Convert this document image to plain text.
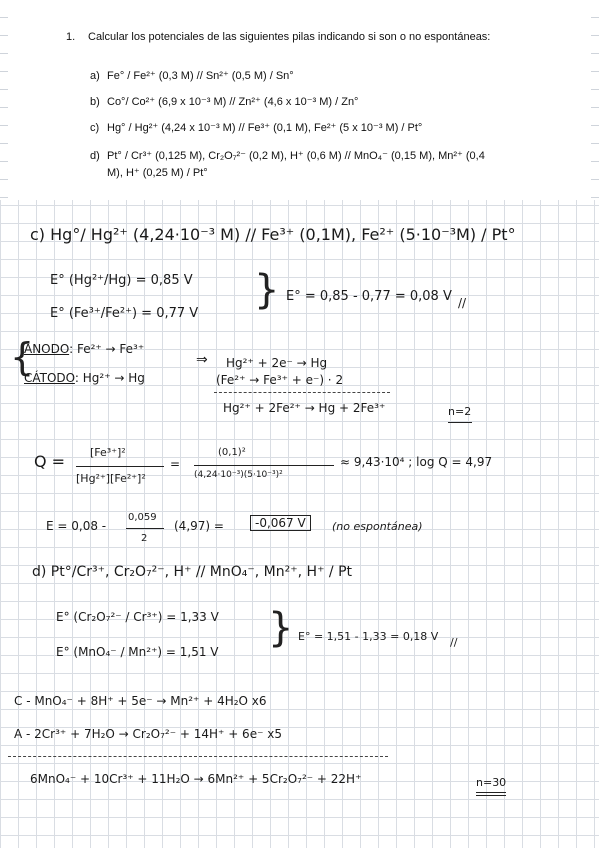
1. Calcular los potenciales de las siguientes pilas indicando si son o no espontáneas:
a) Fe° / Fe²⁺ (0,3 M) // Sn²⁺ (0,5 M) / Sn°
b) Co°/ Co²⁺ (6,9 x 10⁻³ M) // Zn²⁺ (4,6 x 10⁻³ M) / Zn°
c) Hg° / Hg²⁺ (4,24 x 10⁻³ M) // Fe³⁺ (0,1 M), Fe²⁺ (5 x 10⁻³ M) / Pt°
d) Pt° / Cr³⁺ (0,125 M), Cr₂O₇²⁻ (0,2 M), H⁺ (0,6 M) // MnO₄⁻ (0,15 M), Mn²⁺ (0,4
M), H⁺ (0,25 M) / Pt°
c) Hg°/ Hg²⁺ (4,24·10⁻³ M) // Fe³⁺ (0,1M), Fe²⁺ (5·10⁻³M) / Pt°
E° (Hg²⁺/Hg) = 0,85 V
E° (Fe³⁺/Fe²⁺) = 0,77 V
} E° = 0,85 - 0,77 = 0,08 V //
{
ÁNODO: Fe²⁺ → Fe³⁺
CÁTODO: Hg²⁺ → Hg
⇒ Hg²⁺ + 2e⁻ → Hg
(Fe²⁺ → Fe³⁺ + e⁻) · 2
Hg²⁺ + 2Fe²⁺ → Hg + 2Fe³⁺	n=2
Q = [Fe³⁺]²
[Hg²⁺][Fe²⁺]²
=
(0,1)²
(4,24·10⁻³)(5·10⁻³)²
≈ 9,43·10⁴ ; log Q = 4,97
E = 0,08 -
0,059
2
(4,97) =	-0,067 V	(no espontánea)
d) Pt°/Cr³⁺, Cr₂O₇²⁻, H⁺ // MnO₄⁻, Mn²⁺, H⁺ / Pt
E° (Cr₂O₇²⁻ / Cr³⁺) = 1,33 V
E° (MnO₄⁻ / Mn²⁺) = 1,51 V
} E° = 1,51 - 1,33 = 0,18 V //
C - MnO₄⁻ + 8H⁺ + 5e⁻ → Mn²⁺ + 4H₂O x6
A - 2Cr³⁺ + 7H₂O → Cr₂O₇²⁻ + 14H⁺ + 6e⁻ x5
6MnO₄⁻ + 10Cr³⁺ + 11H₂O → 6Mn²⁺ + 5Cr₂O₇²⁻ + 22H⁺	n=30
